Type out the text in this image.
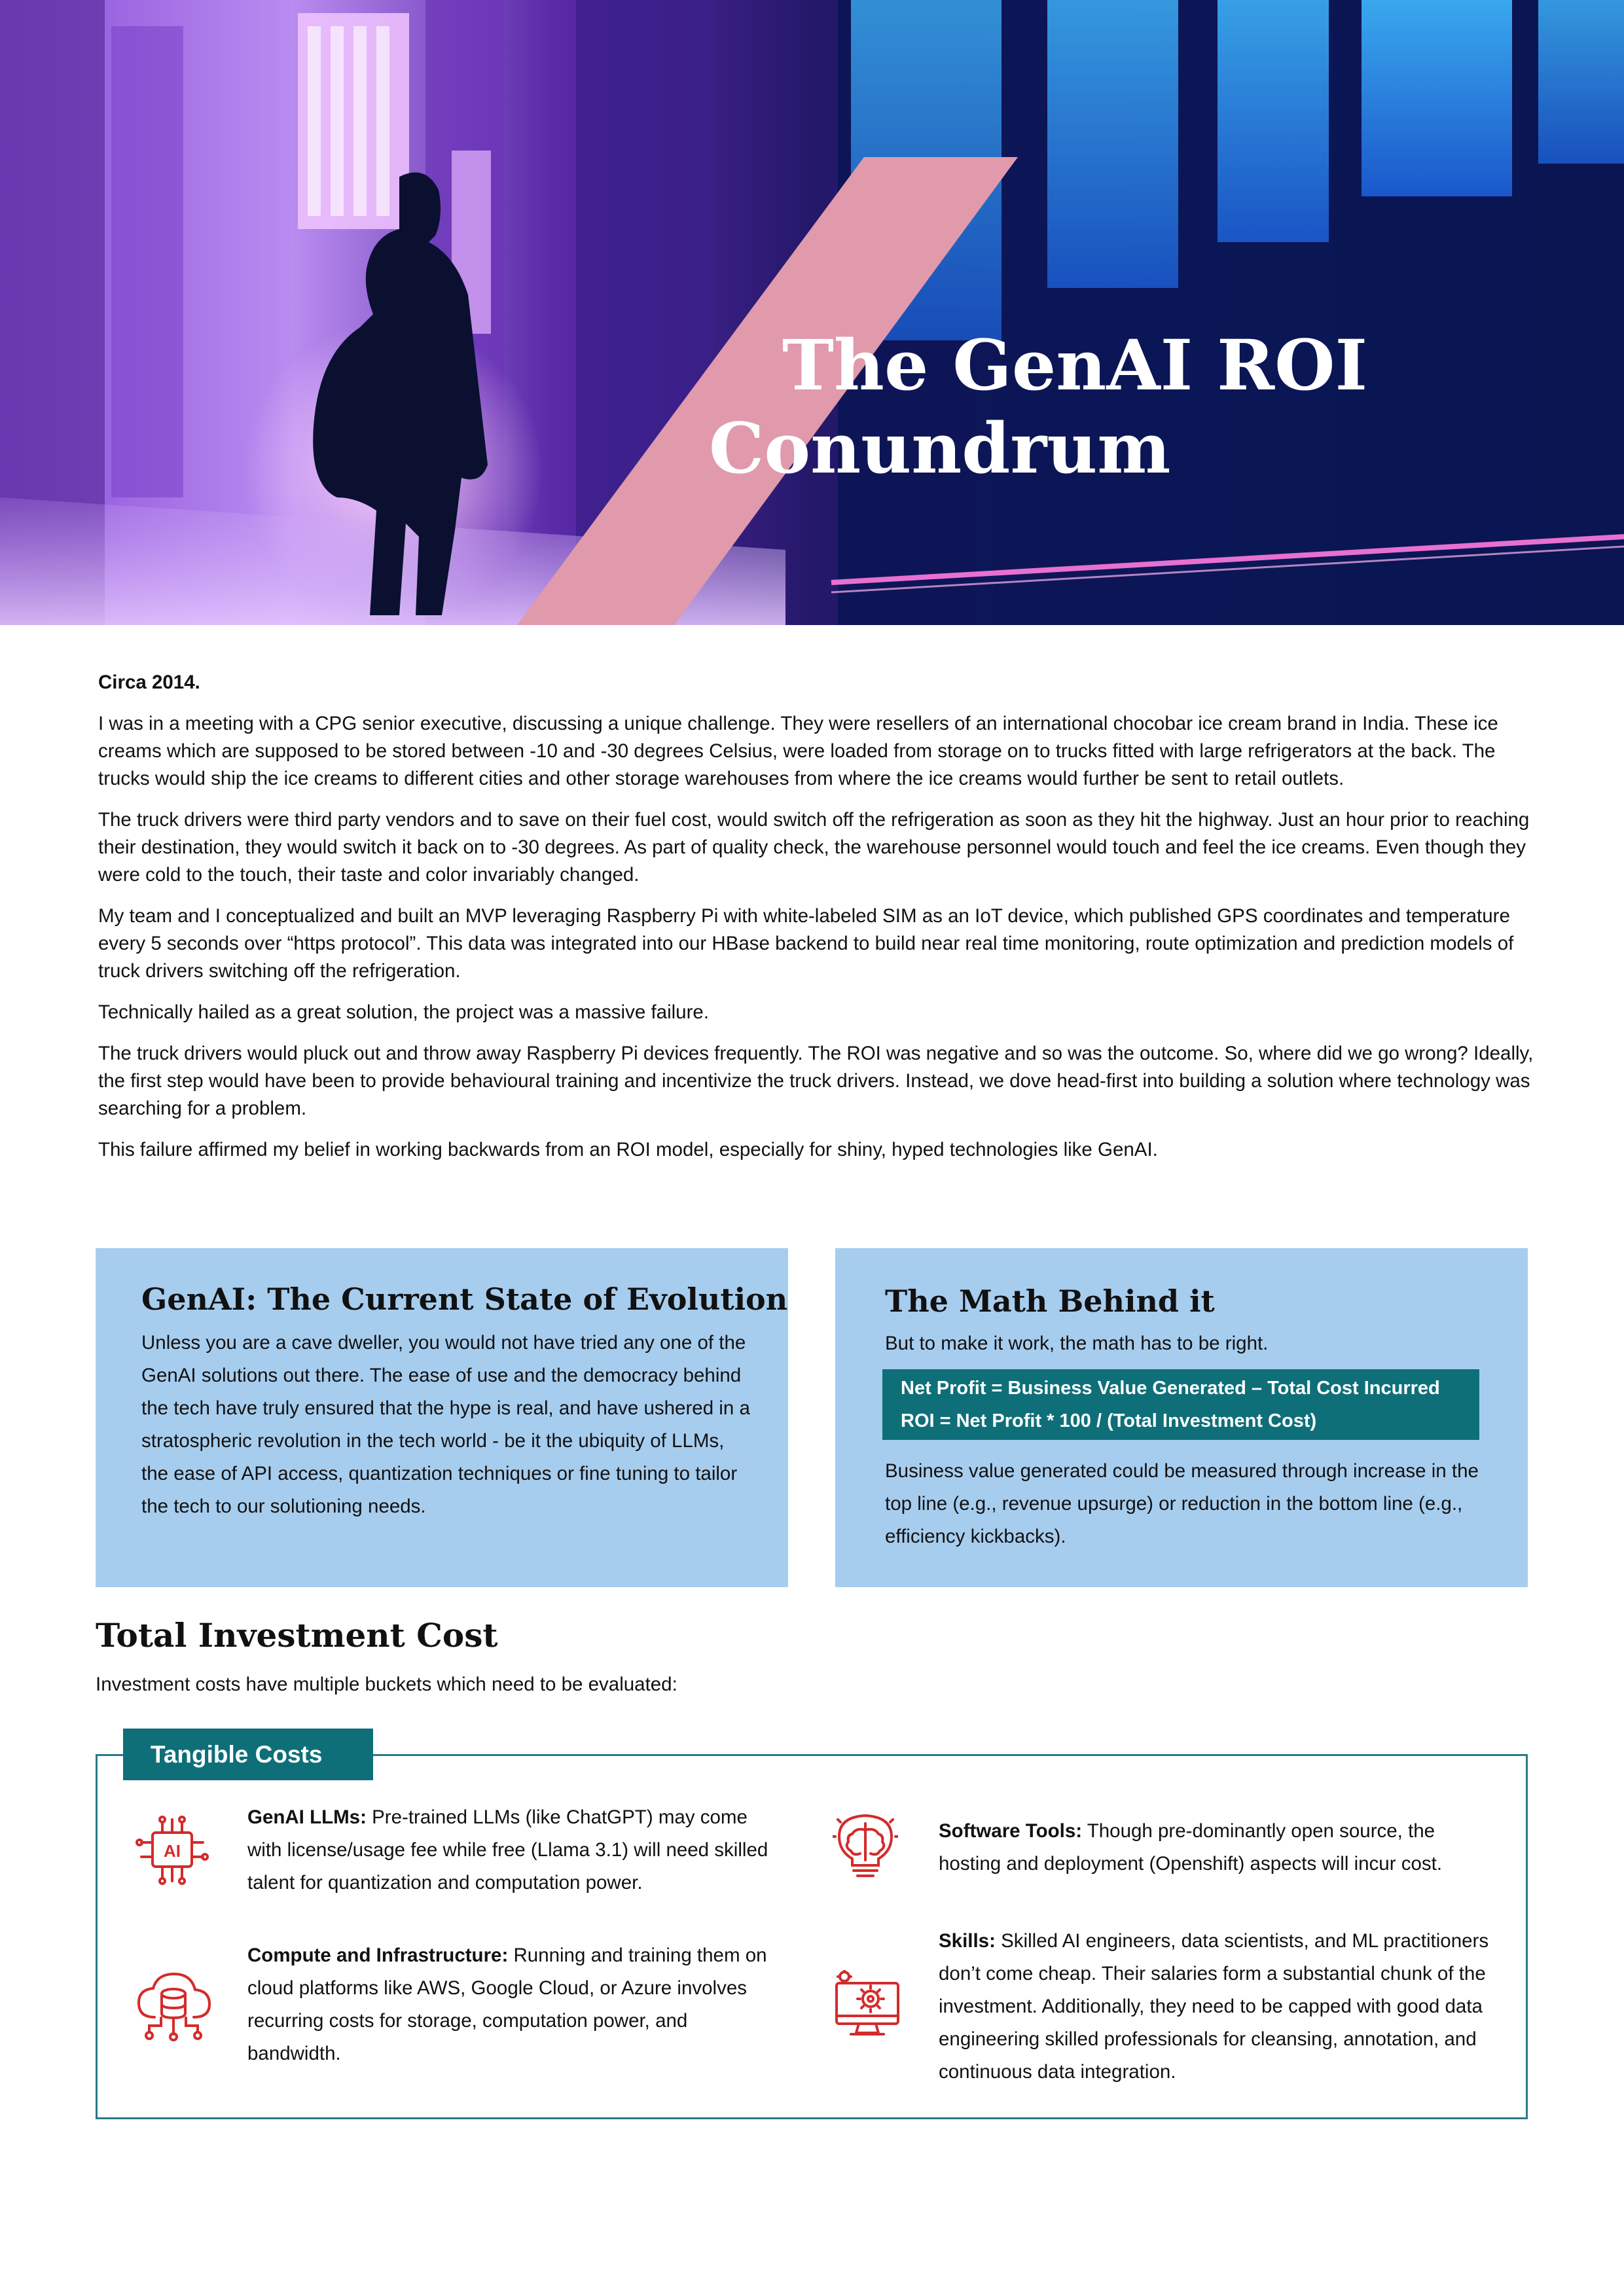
The GenAI ROI
Conundrum

Circa 2014.

I was in a meeting with a CPG senior executive, discussing a unique challenge. They were resellers of an international chocobar ice cream brand in India. These ice creams which are supposed to be stored between -10 and -30 degrees Celsius, were loaded from storage on to trucks fitted with large refrigerators at the back. The trucks would ship the ice creams to different cities and other storage warehouses from where the ice creams would further be sent to retail outlets.

The truck drivers were third party vendors and to save on their fuel cost, would switch off the refrigeration as soon as they hit the highway. Just an hour prior to reaching their destination, they would switch it back on to -30 degrees. As part of quality check, the warehouse personnel would touch and feel the ice creams. Even though they were cold to the touch, their taste and color invariably changed.

My team and I conceptualized and built an MVP leveraging Raspberry Pi with white-labeled SIM as an IoT device, which published GPS coordinates and temperature every 5 seconds over “https protocol”. This data was integrated into our HBase backend to build near real time monitoring, route optimization and prediction models of truck drivers switching off the refrigeration.

Technically hailed as a great solution, the project was a massive failure.

The truck drivers would pluck out and throw away Raspberry Pi devices frequently. The ROI was negative and so was the outcome. So, where did we go wrong? Ideally, the first step would have been to provide behavioural training and incentivize the truck drivers. Instead, we dove head-first into building a solution where technology was searching for a problem.

This failure affirmed my belief in working backwards from an ROI model, especially for shiny, hyped technologies like GenAI.

GenAI: The Current State of Evolution

Unless you are a cave dweller, you would not have tried any one of the GenAI solutions out there. The ease of use and the democracy behind the tech have truly ensured that the hype is real, and have ushered in a stratospheric revolution in the tech world - be it the ubiquity of LLMs, the ease of API access, quantization techniques or fine tuning to tailor the tech to our solutioning needs.

The Math Behind it

But to make it work, the math has to be right.

Net Profit = Business Value Generated – Total Cost Incurred
ROI = Net Profit * 100 / (Total Investment Cost)

Business value generated could be measured through increase in the top line (e.g., revenue upsurge) or reduction in the bottom line (e.g., efficiency kickbacks).

Total Investment Cost

Investment costs have multiple buckets which need to be evaluated:

Tangible Costs
AI

GenAI LLMs: Pre-trained LLMs (like ChatGPT) may come with license/usage fee while free (Llama 3.1) will need skilled talent for quantization and computation power.

Compute and Infrastructure: Running and training them on cloud platforms like AWS, Google Cloud, or Azure involves recurring costs for storage, computation power, and bandwidth.

Software Tools: Though pre-dominantly open source, the hosting and deployment (Openshift) aspects will incur cost.

Skills: Skilled AI engineers, data scientists, and ML practitioners don’t come cheap. Their salaries form a substantial chunk of the investment. Additionally, they need to be capped with good data engineering skilled professionals for cleansing, annotation, and continuous data integration.
